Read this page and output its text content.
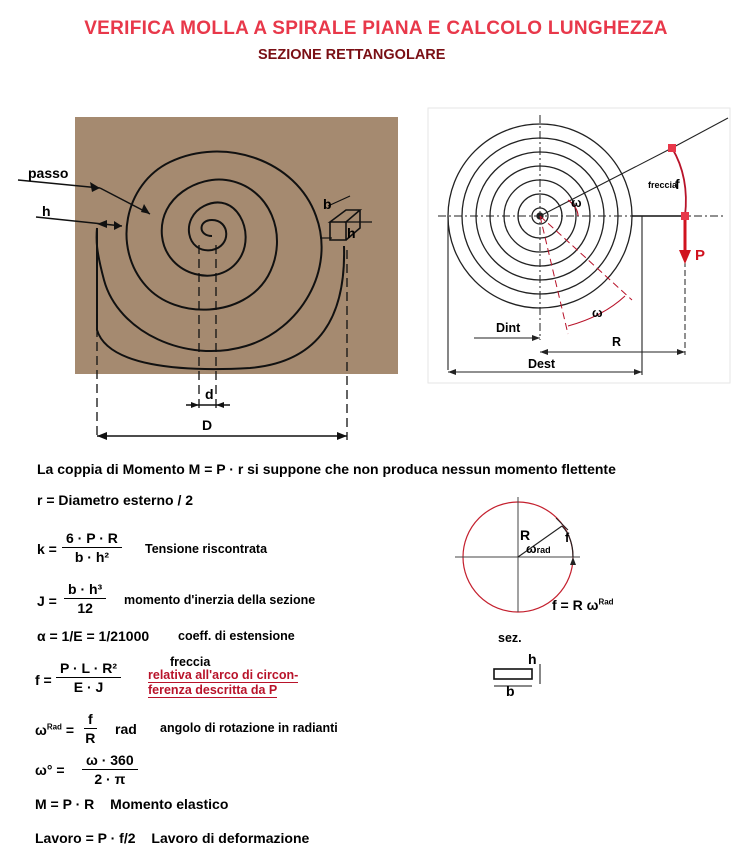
VERIFICA MOLLA A SPIRALE PIANA E CALCOLO LUNGHEZZA
SEZIONE RETTANGOLARE
passo
h	b
h
d
D
freccia
f
P
ω
ω
Dint
R
Dest
La coppia di Momento M = P · r si suppone che non produca nessun momento flettente
r = Diametro esterno / 2
$k = \frac{6 \cdot P \cdot R}{\text{b · h²}}$ Tensione riscontrata
$J = \frac{\text{b · h³}}{12}$ momento d'inerzia della sezione
α = 1/E = 1/21000 coeff. di estensione
$f = \frac{\text{P · L · R²}}{E \cdot J}$	freccia
relativa all'arco di circon-
ferenza descritta da P
$\omega^{Rad} = \frac{f}{R}$ rad angolo di rotazione in radianti
$\omega^\circ = \frac{\omega \cdot 360}{2 \cdot \pi}$
M = P · R Momento elastico
Lavoro = P · f/2 Lavoro di deformazione
R
ωrad
f
f = R $\omega^{Rad}$
sez.
h
b
